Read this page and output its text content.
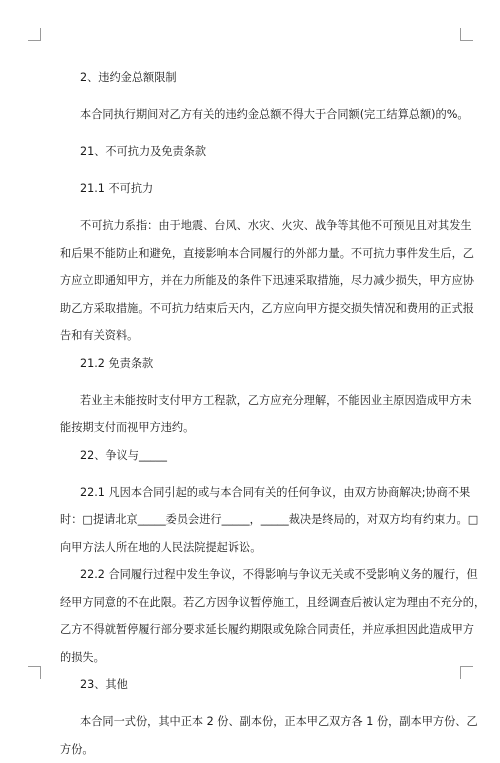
2、违约金总额限制
本合同执行期间对乙方有关的违约金总额不得大于合同额(完工结算总额)的%。
21、不可抗力及免责条款
21.1 不可抗力
不可抗力系指：由于地震、台风、水灾、火灾、战争等其他不可预见且对其发生
和后果不能防止和避免，直接影响本合同履行的外部力量。不可抗力事件发生后，乙
方应立即通知甲方，并在力所能及的条件下迅速采取措施，尽力减少损失，甲方应协
助乙方采取措施。不可抗力结束后天内，乙方应向甲方提交损失情况和费用的正式报
告和有关资料。
21.2 免责条款
若业主未能按时支付甲方工程款，乙方应充分理解，不能因业主原因造成甲方未
能按期支付而视甲方违约。
22、争议与_____
22.1 凡因本合同引起的或与本合同有关的任何争议，由双方协商解决;协商不果
时：□提请北京_____委员会进行_____，_____裁决是终局的，对双方均有约束力。□
向甲方法人所在地的人民法院提起诉讼。
22.2 合同履行过程中发生争议，不得影响与争议无关或不受影响义务的履行，但
经甲方同意的不在此限。若乙方因争议暂停施工，且经调查后被认定为理由不充分的，
乙方不得就暂停履行部分要求延长履约期限或免除合同责任，并应承担因此造成甲方
的损失。
23、其他
本合同一式份，其中正本 2 份、副本份，正本甲乙双方各 1 份，副本甲方份、乙
方份。
